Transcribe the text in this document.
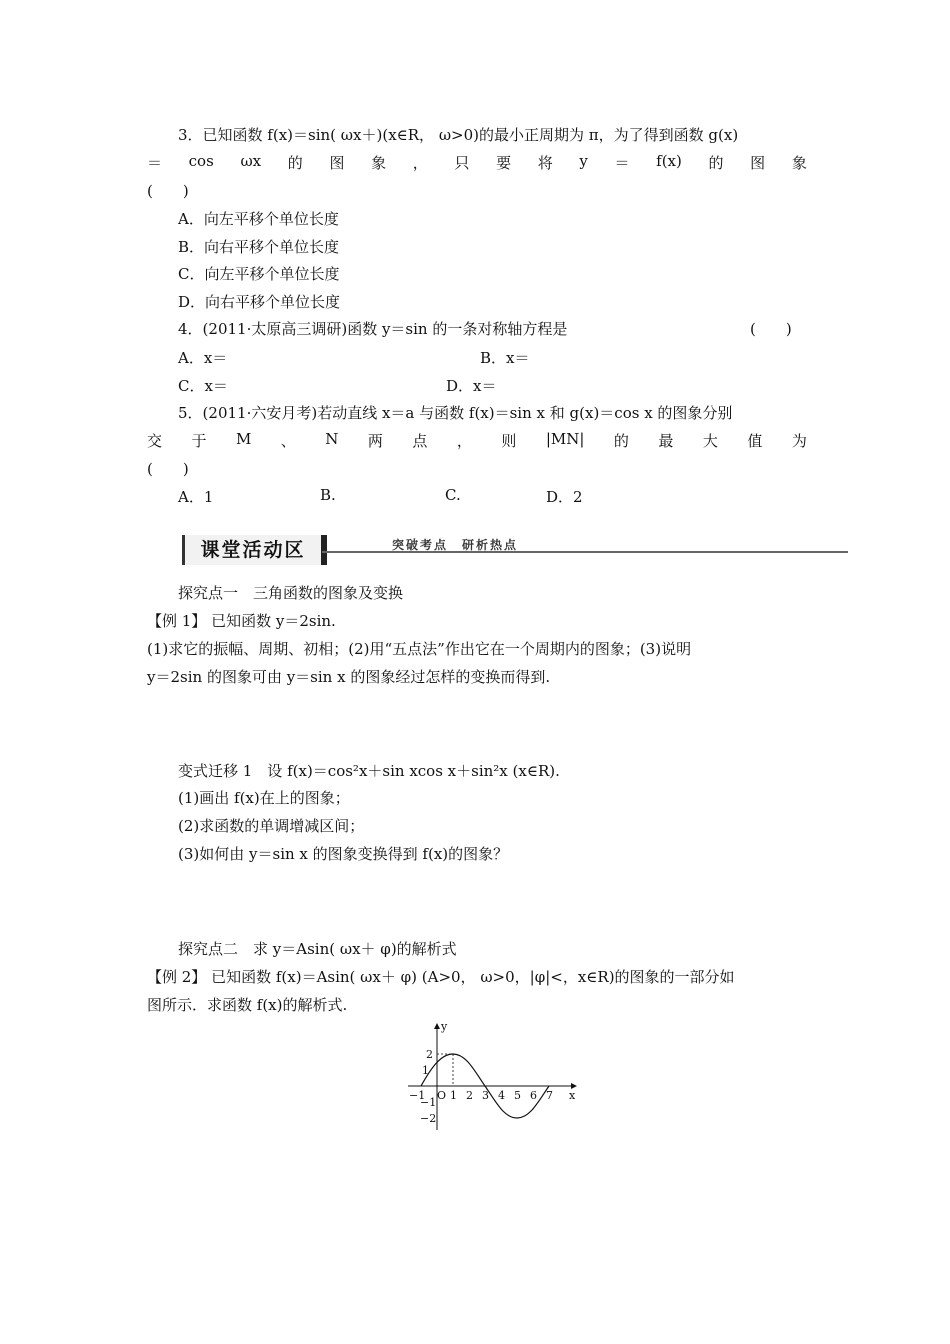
3．已知函数 f(x)＝sin( ωx＋)(x∈R， ω>0)的最小正周期为 π，为了得到函数 g(x)
＝ cos ωx 的 图 象 ， 只 要 将 y ＝ f(x) 的 图 象
(　　)
A．向左平移个单位长度
B．向右平移个单位长度
C．向左平移个单位长度
D．向右平移个单位长度
4．(2011·太原高三调研)函数 y＝sin 的一条对称轴方程是	(　　)
A．x＝	B．x＝
C．x＝	D．x＝
5．(2011·六安月考)若动直线 x＝a 与函数 f(x)＝sin x 和 g(x)＝cos x 的图象分别
交 于 M 、 N 两 点 ， 则 |MN| 的 最 大 值 为
(　　)
A．1	B.	C.	D．2
课堂活动区	突破考点　研析热点
探究点一　三角函数的图象及变换
【例 1】 已知函数 y＝2sin.
(1)求它的振幅、周期、初相；(2)用“五点法”作出它在一个周期内的图象；(3)说明
y＝2sin 的图象可由 y＝sin x 的图象经过怎样的变换而得到.
变式迁移 1　设 f(x)＝cos²x＋sin xcos x＋sin²x (x∈R).
(1)画出 f(x)在上的图象；
(2)求函数的单调增减区间；
(3)如何由 y＝sin x 的图象变换得到 f(x)的图象？
探究点二　求 y＝Asin( ωx＋ φ)的解析式
【例 2】 已知函数 f(x)＝Asin( ωx＋ φ) (A>0， ω>0，|φ|<，x∈R)的图象的一部分如
图所示．求函数 f(x)的解析式.
y
x
O
2
1
−1
−2
−1 1 2 3 4 5 6 7
